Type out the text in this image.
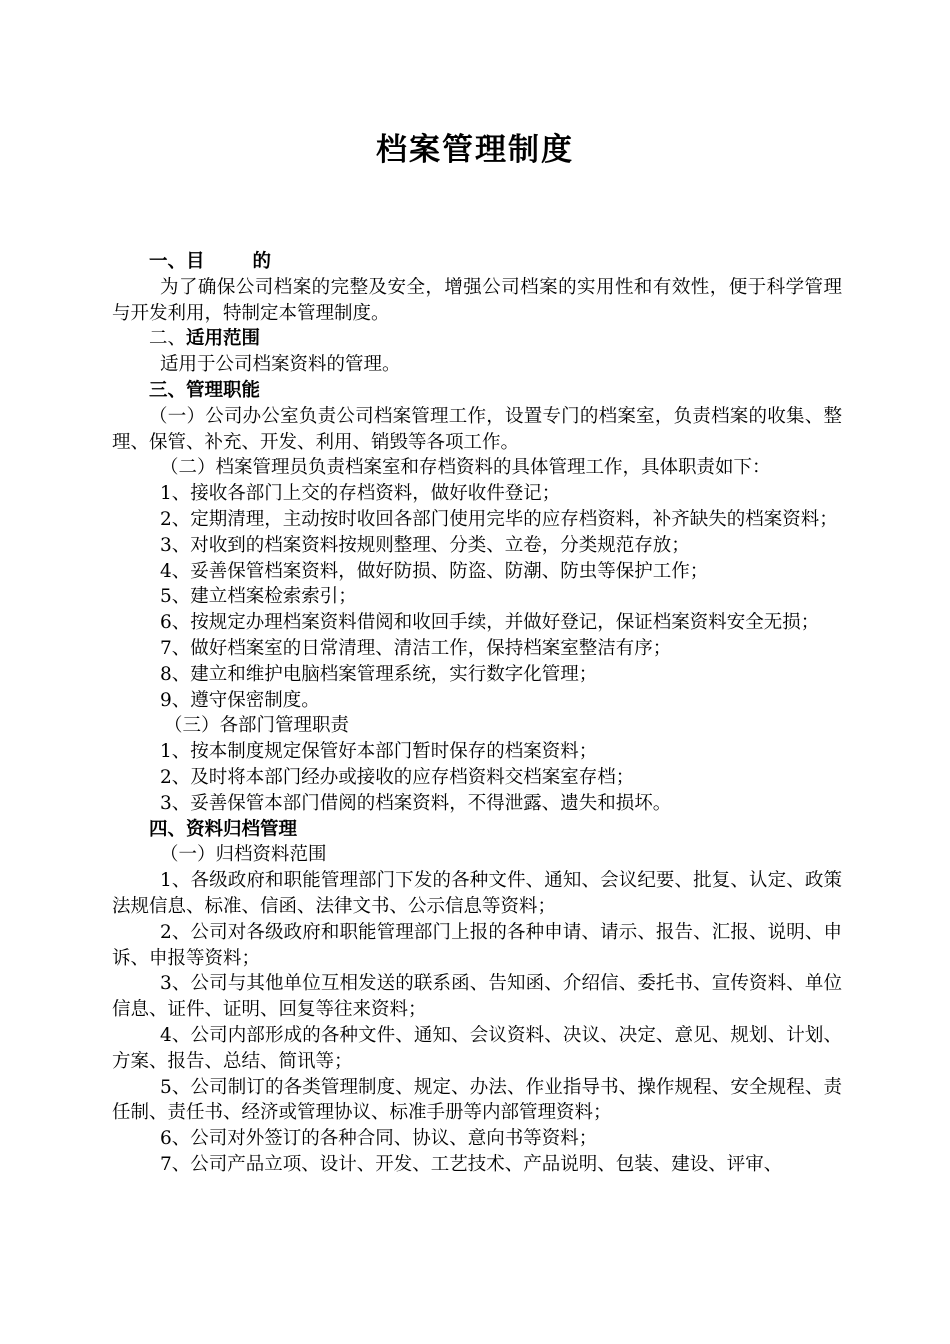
档案管理制度

一、目	的

为了确保公司档案的完整及安全，增强公司档案的实用性和有效性，便于科学管理与开发利用，特制定本管理制度。

二、适用范围

适用于公司档案资料的管理。

三、管理职能

（一）公司办公室负责公司档案管理工作，设置专门的档案室，负责档案的收集、整理、保管、补充、开发、利用、销毁等各项工作。

（二）档案管理员负责档案室和存档资料的具体管理工作，具体职责如下：

1、接收各部门上交的存档资料，做好收件登记；

2、定期清理，主动按时收回各部门使用完毕的应存档资料，补齐缺失的档案资料；

3、对收到的档案资料按规则整理、分类、立卷，分类规范存放；

4、妥善保管档案资料，做好防损、防盗、防潮、防虫等保护工作；

5、建立档案检索索引；

6、按规定办理档案资料借阅和收回手续，并做好登记，保证档案资料安全无损；

7、做好档案室的日常清理、清洁工作，保持档案室整洁有序；

8、建立和维护电脑档案管理系统，实行数字化管理；

9、遵守保密制度。

（三）各部门管理职责

1、按本制度规定保管好本部门暂时保存的档案资料；

2、及时将本部门经办或接收的应存档资料交档案室存档；

3、妥善保管本部门借阅的档案资料，不得泄露、遗失和损坏。

四、资料归档管理

（一）归档资料范围

1、各级政府和职能管理部门下发的各种文件、通知、会议纪要、批复、认定、政策法规信息、标准、信函、法律文书、公示信息等资料；

2、公司对各级政府和职能管理部门上报的各种申请、请示、报告、汇报、说明、申诉、申报等资料；

3、公司与其他单位互相发送的联系函、告知函、介绍信、委托书、宣传资料、单位信息、证件、证明、回复等往来资料；

4、公司内部形成的各种文件、通知、会议资料、决议、决定、意见、规划、计划、方案、报告、总结、简讯等；

5、公司制订的各类管理制度、规定、办法、作业指导书、操作规程、安全规程、责任制、责任书、经济或管理协议、标准手册等内部管理资料；

6、公司对外签订的各种合同、协议、意向书等资料；

7、公司产品立项、设计、开发、工艺技术、产品说明、包装、建设、评审、
